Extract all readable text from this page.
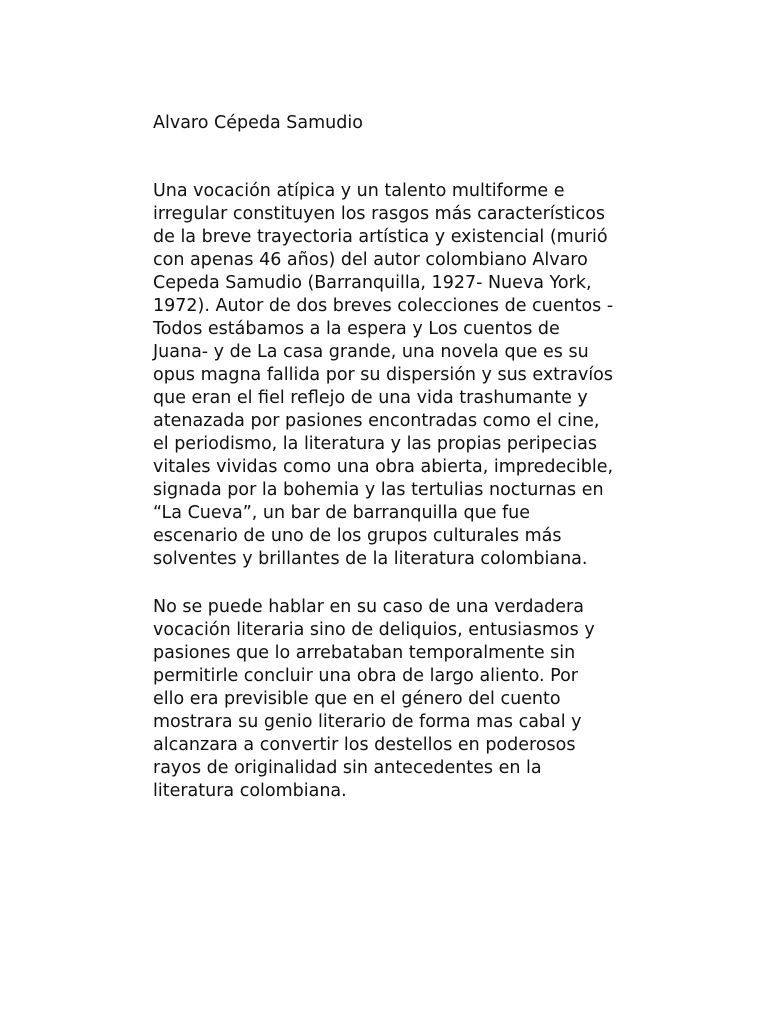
Alvaro Cépeda Samudio

Una vocación atípica y un talento multiforme e
irregular constituyen los rasgos más característicos
de la breve trayectoria artística y existencial (murió
con apenas 46 años) del autor colombiano Alvaro
Cepeda Samudio (Barranquilla, 1927- Nueva York,
1972). Autor de dos breves colecciones de cuentos -
Todos estábamos a la espera y Los cuentos de
Juana- y de La casa grande, una novela que es su
opus magna fallida por su dispersión y sus extravíos
que eran el fiel reflejo de una vida trashumante y
atenazada por pasiones encontradas como el cine,
el periodismo, la literatura y las propias peripecias
vitales vividas como una obra abierta, impredecible,
signada por la bohemia y las tertulias nocturnas en
“La Cueva”, un bar de barranquilla que fue
escenario de uno de los grupos culturales más
solventes y brillantes de la literatura colombiana.

No se puede hablar en su caso de una verdadera
vocación literaria sino de deliquios, entusiasmos y
pasiones que lo arrebataban temporalmente sin
permitirle concluir una obra de largo aliento. Por
ello era previsible que en el género del cuento
mostrara su genio literario de forma mas cabal y
alcanzara a convertir los destellos en poderosos
rayos de originalidad sin antecedentes en la
literatura colombiana.
